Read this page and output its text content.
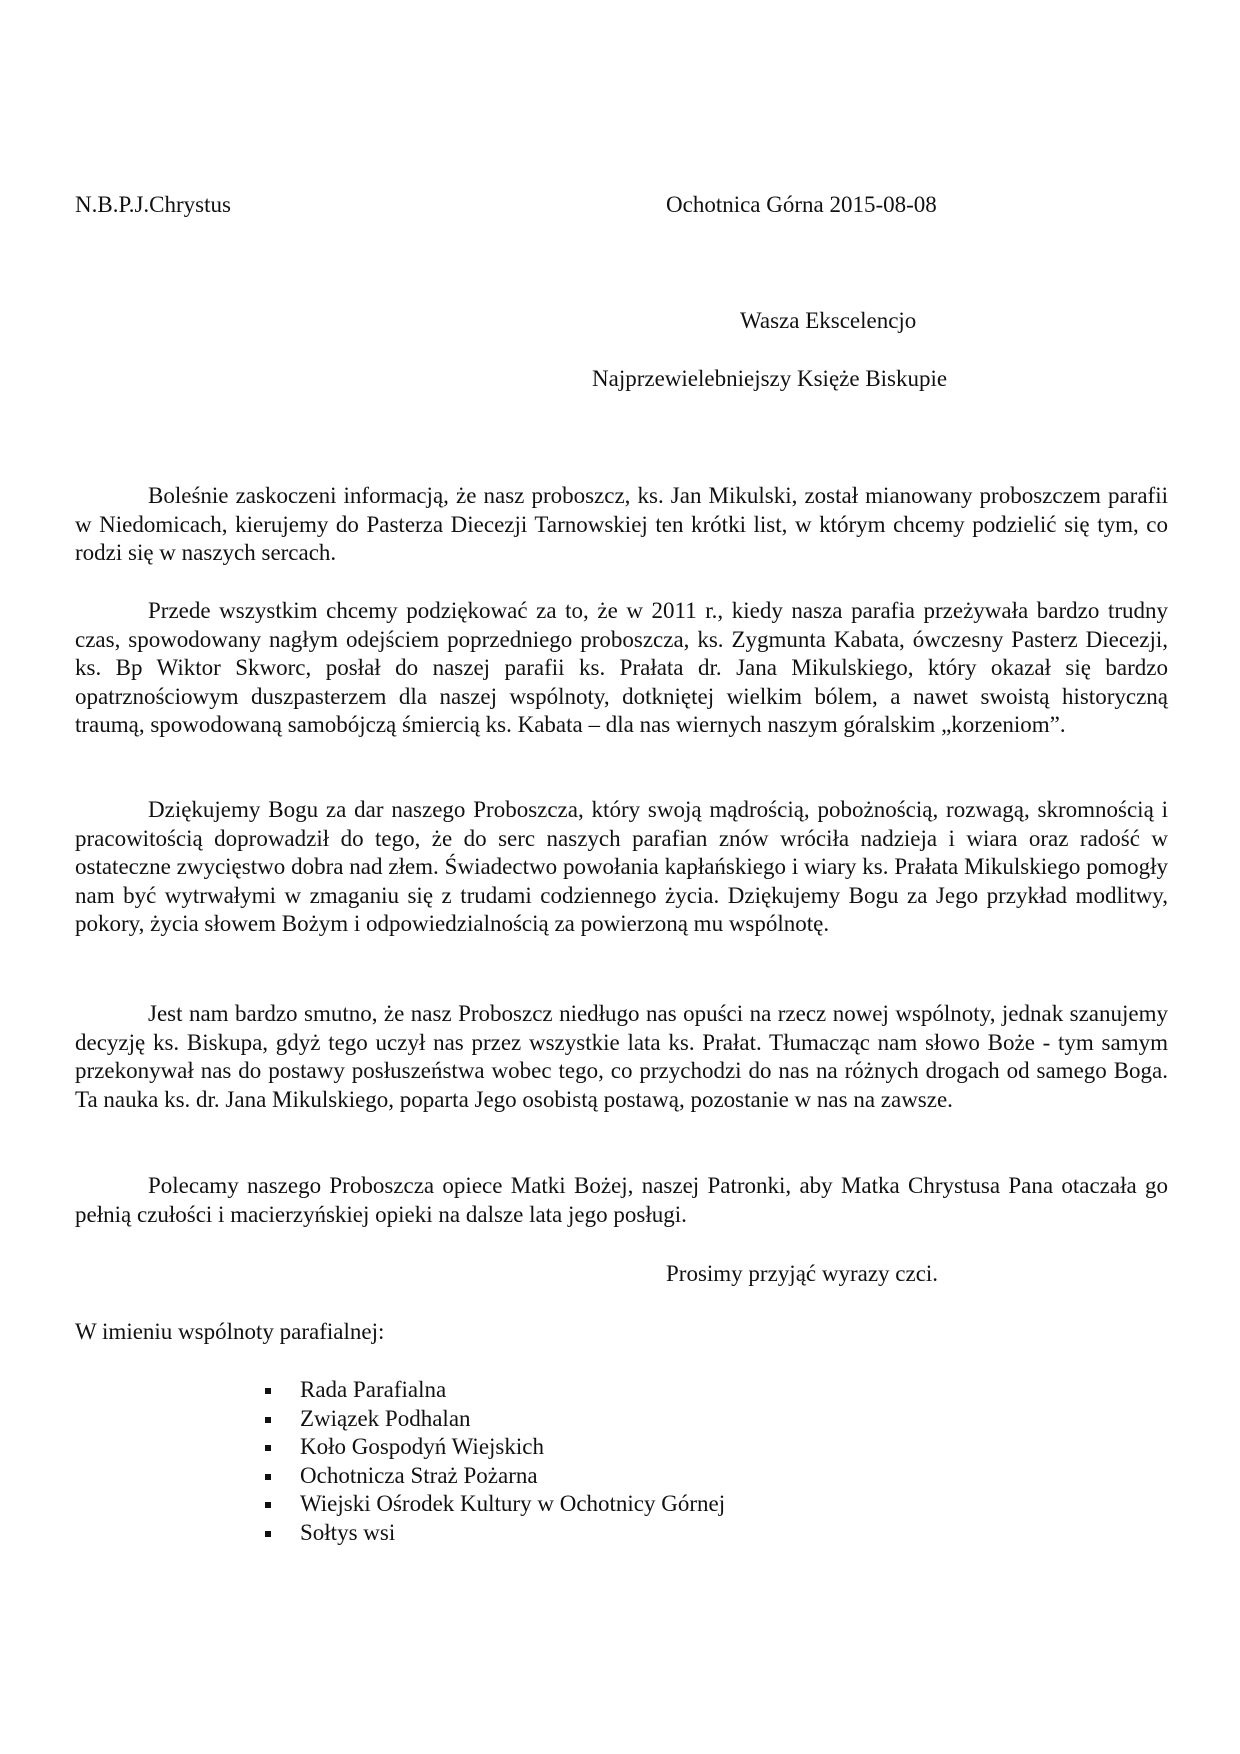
N.B.P.J.Chrystus	Ochotnica Górna 2015-08-08
Wasza Ekscelencjo
Najprzewielebniejszy Księże Biskupie

Boleśnie zaskoczeni informacją, że nasz proboszcz, ks. Jan Mikulski, został mianowany proboszczem parafii w Niedomicach, kierujemy do Pasterza Diecezji Tarnowskiej ten krótki list, w którym chcemy podzielić się tym, co rodzi się w naszych sercach.

Przede wszystkim chcemy podziękować za to, że w 2011 r., kiedy nasza parafia przeżywała bardzo trudny czas, spowodowany nagłym odejściem poprzedniego proboszcza, ks. Zygmunta Kabata, ówczesny Pasterz Diecezji, ks. Bp Wiktor Skworc, posłał do naszej parafii ks. Prałata dr. Jana Mikulskiego, który okazał się bardzo opatrznościowym duszpasterzem dla naszej wspólnoty, dotkniętej wielkim bólem, a nawet swoistą historyczną traumą, spowodowaną samobójczą śmiercią ks. Kabata – dla nas wiernych naszym góralskim „korzeniom”.

Dziękujemy Bogu za dar naszego Proboszcza, który swoją mądrością, pobożnością, rozwagą, skromnością i pracowitością doprowadził do tego, że do serc naszych parafian znów wróciła nadzieja i wiara oraz radość w ostateczne zwycięstwo dobra nad złem. Świadectwo powołania kapłańskiego i wiary ks. Prałata Mikulskiego pomogły nam być wytrwałymi w zmaganiu się z trudami codziennego życia. Dziękujemy Bogu za Jego przykład modlitwy, pokory, życia słowem Bożym i odpowiedzialnością za powierzoną mu wspólnotę.

Jest nam bardzo smutno, że nasz Proboszcz niedługo nas opuści na rzecz nowej wspólnoty, jednak szanujemy decyzję ks. Biskupa, gdyż tego uczył nas przez wszystkie lata ks. Prałat. Tłumacząc nam słowo Boże - tym samym przekonywał nas do postawy posłuszeństwa wobec tego, co przychodzi do nas na różnych drogach od samego Boga. Ta nauka ks. dr. Jana Mikulskiego, poparta Jego osobistą postawą, pozostanie w nas na zawsze.

Polecamy naszego Proboszcza opiece Matki Bożej, naszej Patronki, aby Matka Chrystusa Pana otaczała go pełnią czułości i macierzyńskiej opieki na dalsze lata jego posługi.

Prosimy przyjąć wyrazy czci.
W imieniu wspólnoty parafialnej:
Rada Parafialna
Związek Podhalan
Koło Gospodyń Wiejskich
Ochotnicza Straż Pożarna
Wiejski Ośrodek Kultury w Ochotnicy Górnej
Sołtys wsi
